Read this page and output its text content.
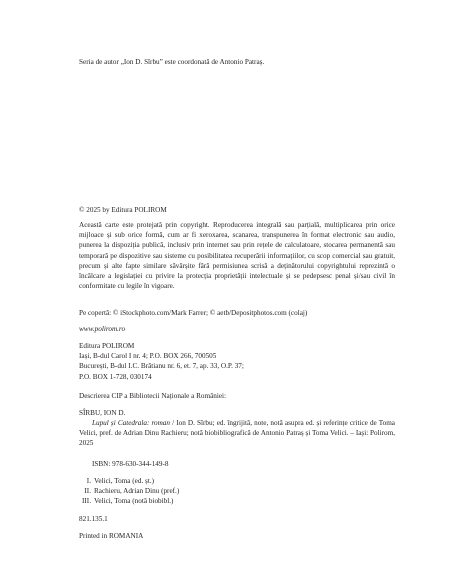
Seria de autor „Ion D. Sîrbu” este coordonată de Antonio Patraș.

© 2025 by Editura POLIROM

Această carte este protejată prin copyright. Reproducerea integrală sau parțială, multiplicarea prin orice mijloace și sub orice formă, cum ar fi xeroxarea, scanarea, transpunerea în format electronic sau audio, punerea la dispoziția publică, inclusiv prin internet sau prin rețele de calculatoare, stocarea permanentă sau temporară pe dispozitive sau sisteme cu posibilitatea recuperării informațiilor, cu scop comercial sau gratuit, precum și alte fapte similare săvârșite fără permisiunea scrisă a deținătorului copyrightului reprezintă o încălcare a legislației cu privire la protecția proprietății intelectuale și se pedepsesc penal și/sau civil în conformitate cu legile în vigoare.

Pe copertă: © iStockphoto.com/Mark Farrer; © aetb/Depositphotos.com (colaj)

www.polirom.ro

Editura POLIROM
Iași, B-dul Carol I nr. 4; P.O. BOX 266, 700505
București, B-dul I.C. Brătianu nr. 6, et. 7, ap. 33, O.P. 37;
P.O. BOX 1-728, 030174

Descrierea CIP a Bibliotecii Naționale a României:

SÎRBU, ION D.

Lupul și Catedrala: roman / Ion D. Sîrbu; ed. îngrijită, note, notă asupra ed. și referințe critice de Toma Velici, pref. de Adrian Dinu Rachieru; notă biobibliografică de Antonio Patraș și Toma Velici. – Iași: Polirom, 2025

ISBN: 978-630-344-149-8

I. Velici, Toma (ed. șt.)
II. Rachieru, Adrian Dinu (pref.)
III. Velici, Toma (notă biobibl.)

821.135.1

Printed in ROMANIA
